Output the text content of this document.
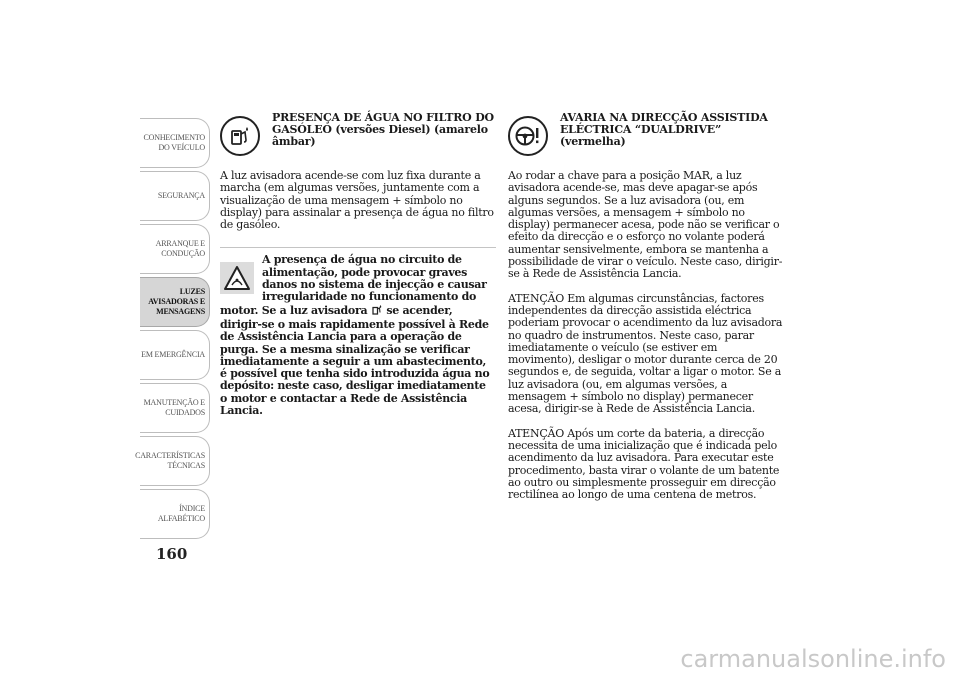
CONHECIMENTO
DO VEÍCULO
SEGURANÇA
ARRANQUE E
CONDUÇÃO
LUZES
AVISADORAS E
MENSAGENS
EM EMERGÊNCIA
MANUTENÇÃO E
CUIDADOS
CARACTERÍSTICAS
TÉCNICAS
ÍNDICE
ALFABÉTICO
160
PRESENÇA DE ÁGUA NO FILTRO DO GASÓLEO (versões Diesel) (amarelo âmbar)

A luz avisadora acende-se com luz fixa durante a marcha (em algumas versões, juntamente com a visualização de uma mensagem + símbolo no display) para assinalar a presença de água no filtro de gasóleo.

A presença de água no circuito de alimentação, pode provocar graves danos no sistema de injecção e causar irregularidade no funcionamento do motor. Se a luz avisadora se acender, dirigir-se o mais rapidamente possível à Rede de Assistência Lancia para a operação de purga. Se a mesma sinalização se verificar imediatamente a seguir a um abastecimento, é possível que tenha sido introduzida água no depósito: neste caso, desligar imediatamente o motor e contactar a Rede de Assistência Lancia.

AVARIA NA DIRECÇÃO ASSISTIDA ELÉCTRICA “DUALDRIVE” (vermelha)

Ao rodar a chave para a posição MAR, a luz avisadora acende-se, mas deve apagar-se após alguns segundos. Se a luz avisadora (ou, em algumas versões, a mensagem + símbolo no display) permanecer acesa, pode não se verificar o efeito da direcção e o esforço no volante poderá aumentar sensivelmente, embora se mantenha a possibilidade de virar o veículo. Neste caso, dirigir-se à Rede de Assistência Lancia.

ATENÇÃO Em algumas circunstâncias, factores independentes da direcção assistida eléctrica poderiam provocar o acendimento da luz avisadora no quadro de instrumentos. Neste caso, parar imediatamente o veículo (se estiver em movimento), desligar o motor durante cerca de 20 segundos e, de seguida, voltar a ligar o motor. Se a luz avisadora (ou, em algumas versões, a mensagem + símbolo no display) permanecer acesa, dirigir-se à Rede de Assistência Lancia.

ATENÇÃO Após um corte da bateria, a direcção necessita de uma inicialização que é indicada pelo acendimento da luz avisadora. Para executar este procedimento, basta virar o volante de um batente ao outro ou simplesmente prosseguir em direcção rectilínea ao longo de uma centena de metros.

carmanualsonline.info
